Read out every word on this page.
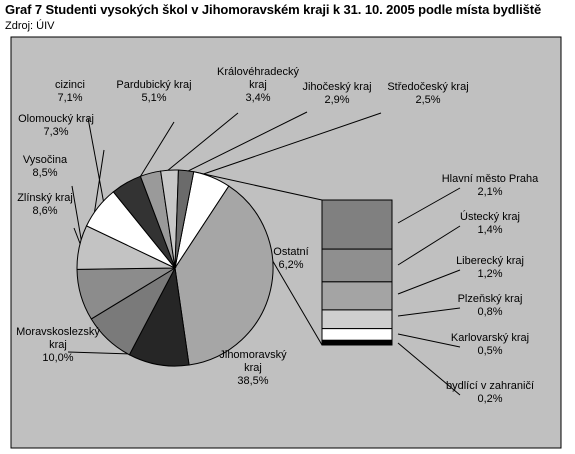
Graf 7 Studenti vysokých škol v Jihomoravském kraji k 31. 10. 2005 podle místa bydliště
Zdroj: ÚIV
Ostatní 6,2%
Jihomoravský kraj 38,5%
Moravskoslezský kraj 10,0%
Zlínský kraj 8,6%
Vysočina 8,5%
Olomoucký kraj 7,3%
cizinci 7,1%
Pardubický kraj 5,1%
Královéhradecký kraj 3,4%
Jihočeský kraj 2,9%
Středočeský kraj 2,5%
Hlavní město Praha 2,1%
Ústecký kraj 1,4%
Liberecký kraj 1,2%
Plzeňský kraj 0,8%
Karlovarský kraj 0,5%
bydlící v zahraničí 0,2%
